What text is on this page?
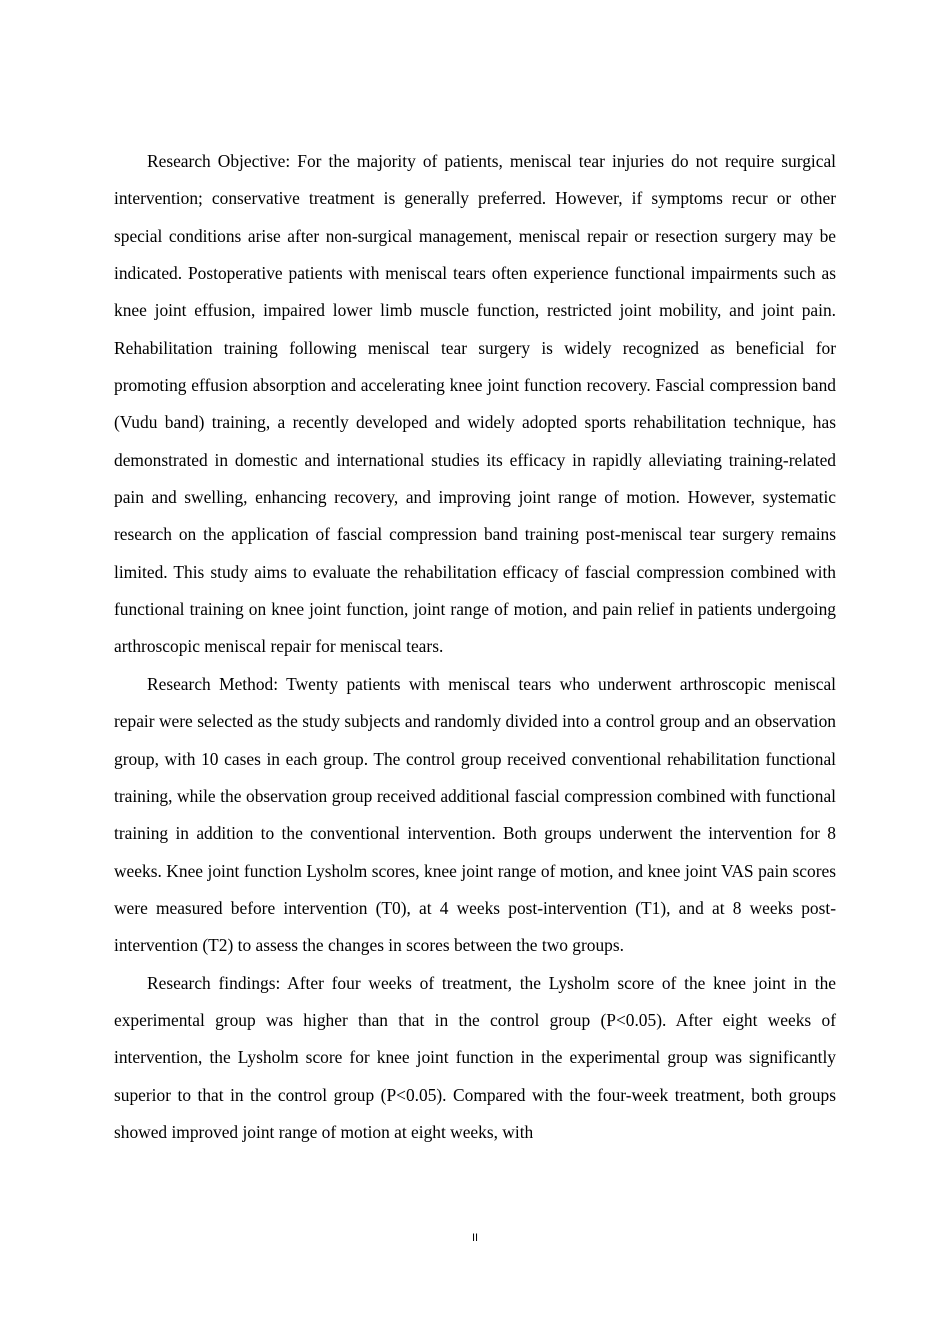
Research Objective: For the majority of patients, meniscal tear injuries do not require surgical intervention; conservative treatment is generally preferred. However, if symptoms recur or other special conditions arise after non-surgical management, meniscal repair or resection surgery may be indicated. Postoperative patients with meniscal tears often experience functional impairments such as knee joint effusion, impaired lower limb muscle function, restricted joint mobility, and joint pain. Rehabilitation training following meniscal tear surgery is widely recognized as beneficial for promoting effusion absorption and accelerating knee joint function recovery. Fascial compression band (Vudu band) training, a recently developed and widely adopted sports rehabilitation technique, has demonstrated in domestic and international studies its efficacy in rapidly alleviating training-related pain and swelling, enhancing recovery, and improving joint range of motion. However, systematic research on the application of fascial compression band training post-meniscal tear surgery remains limited. This study aims to evaluate the rehabilitation efficacy of fascial compression combined with functional training on knee joint function, joint range of motion, and pain relief in patients undergoing arthroscopic meniscal repair for meniscal tears.

Research Method: Twenty patients with meniscal tears who underwent arthroscopic meniscal repair were selected as the study subjects and randomly divided into a control group and an observation group, with 10 cases in each group. The control group received conventional rehabilitation functional training, while the observation group received additional fascial compression combined with functional training in addition to the conventional intervention. Both groups underwent the intervention for 8 weeks. Knee joint function Lysholm scores, knee joint range of motion, and knee joint VAS pain scores were measured before intervention (T0), at 4 weeks post-intervention (T1), and at 8 weeks post-intervention (T2) to assess the changes in scores between the two groups.

Research findings: After four weeks of treatment, the Lysholm score of the knee joint in the experimental group was higher than that in the control group (P<0.05). After eight weeks of intervention, the Lysholm score for knee joint function in the experimental group was significantly superior to that in the control group (P<0.05). Compared with the four-week treatment, both groups showed improved joint range of motion at eight weeks, with

II
